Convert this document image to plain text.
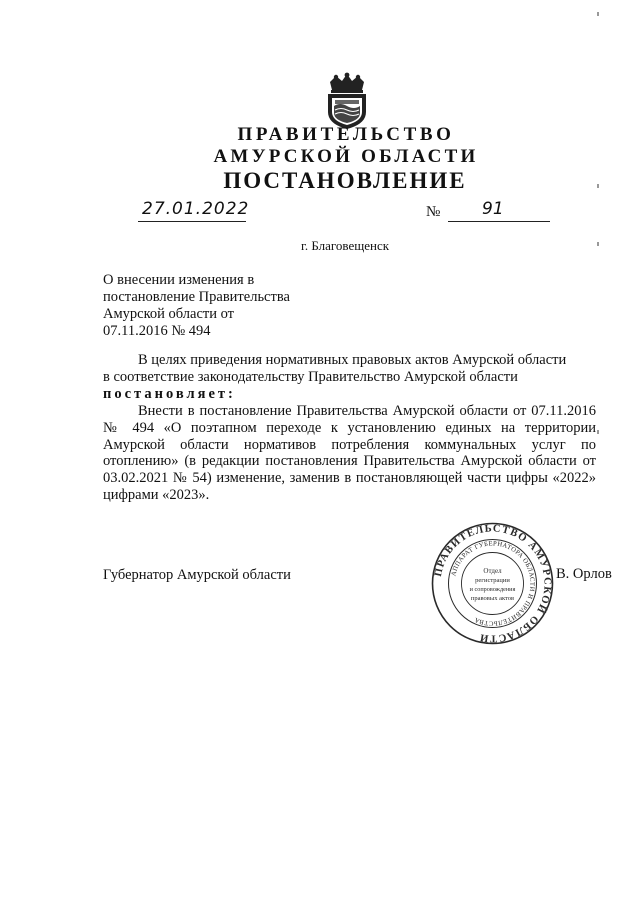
ПРАВИТЕЛЬСТВО
АМУРСКОЙ ОБЛАСТИ
ПОСТАНОВЛЕНИЕ
27.01.2022	№ 91
г. Благовещенск
О внесении изменения в
постановление Правительства
Амурской области от
07.11.2016 № 494
В целях приведения нормативных правовых актов Амурской области
в соответствие законодательству Правительство Амурской области
постановляет:
Внести в постановление Правительства Амурской области от 07.11.2016 № 494 «О поэтапном переходе к установлению единых на территории Амурской области нормативов потребления коммунальных услуг по отоплению» (в редакции постановления Правительства Амурской области от 03.02.2021 № 54) изменение, заменив в постановляющей части цифры «2022» цифрами «2023».
Губернатор Амурской области	В. Орлов
ПРАВИТЕЛЬСТВО АМУРСКОЙ ОБЛАСТИ
АППАРАТ ГУБЕРНАТОРА ОБЛАСТИ И ПРАВИТЕЛЬСТВА
Отдел
регистрации
и сопровождения
правовых актов
